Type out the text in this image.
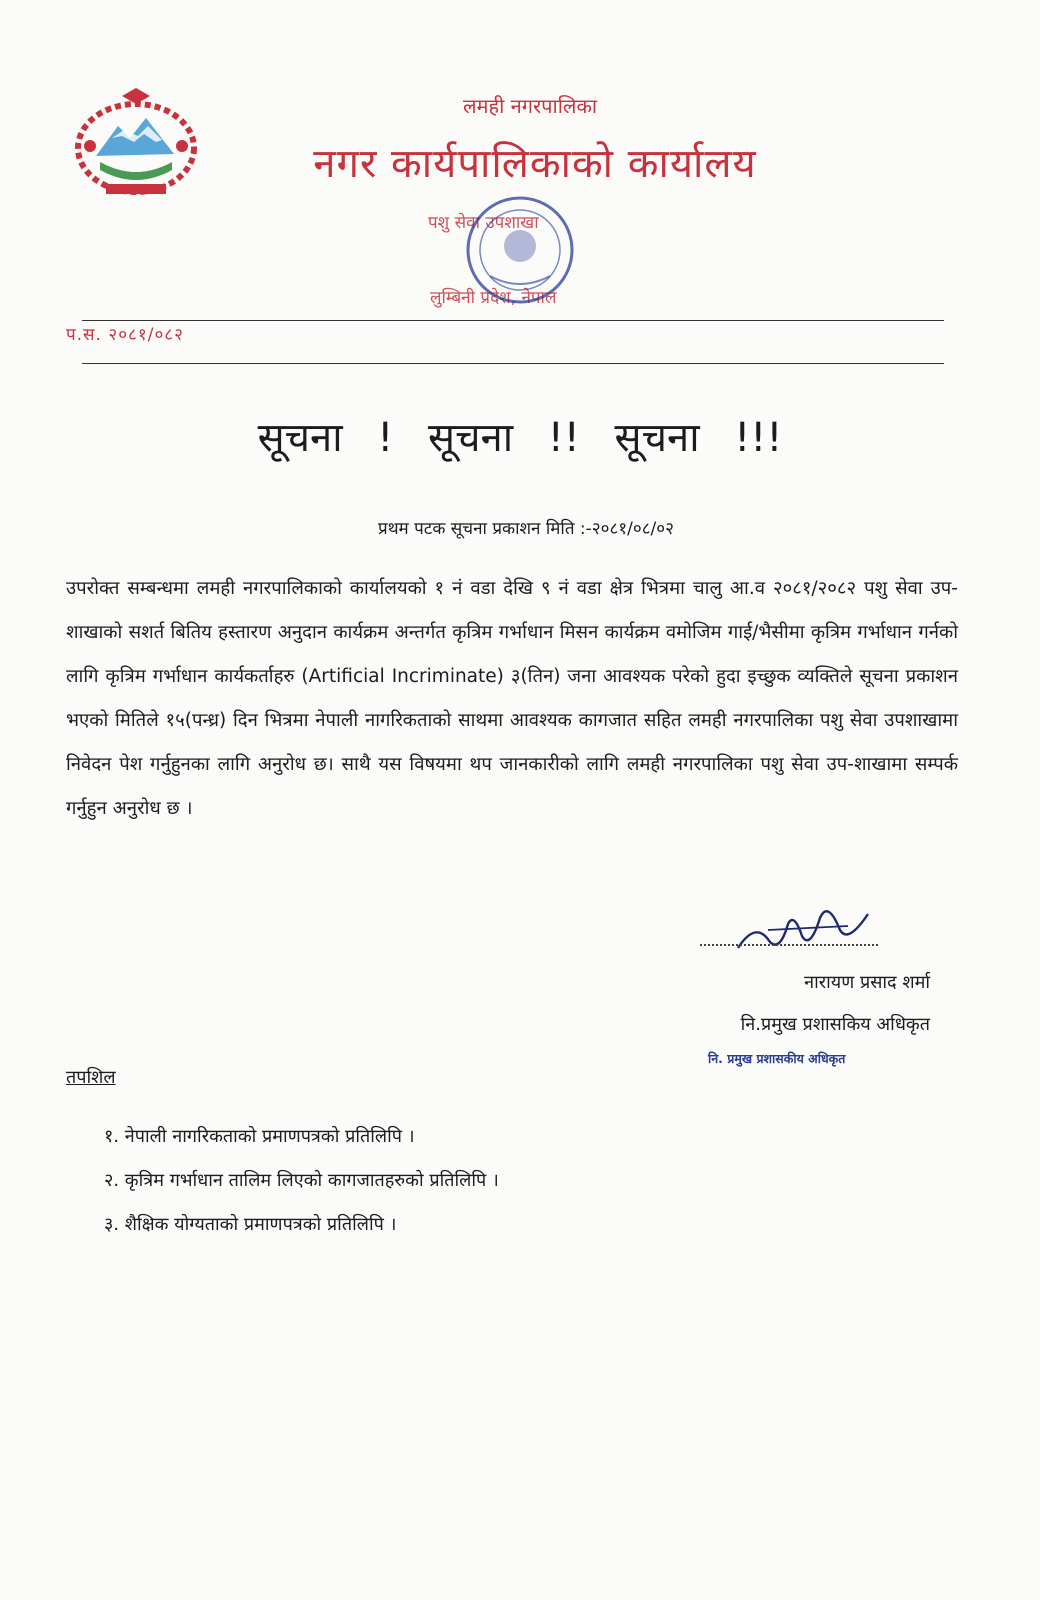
लमही नगरपालिका
नगर कार्यपालिकाको कार्यालय
पशु सेवा उपशाखा
लुम्बिनी प्रदेश, नेपाल
प.स. २०८१/०८२
सूचना ! सूचना !! सूचना !!!
प्रथम पटक सूचना प्रकाशन मिति :-२०८१/०८/०२
उपरोक्त सम्बन्धमा लमही नगरपालिकाको कार्यालयको १ नं वडा देखि ९ नं वडा क्षेत्र भित्रमा चालु आ.व २०८१/२०८२ पशु सेवा उप-शाखाको सशर्त बितिय हस्तारण अनुदान कार्यक्रम अन्तर्गत कृत्रिम गर्भाधान मिसन कार्यक्रम वमोजिम गाई/भैसीमा कृत्रिम गर्भाधान गर्नको लागि कृत्रिम गर्भाधान कार्यकर्ताहरु (Artificial Incriminate) ३(तिन) जना आवश्यक परेको हुदा इच्छुक व्यक्तिले सूचना प्रकाशन भएको मितिले १५(पन्ध्र) दिन भित्रमा नेपाली नागरिकताको साथमा आवश्यक कागजात सहित लमही नगरपालिका पशु सेवा उपशाखामा निवेदन पेश गर्नुहुनका लागि अनुरोध छ। साथै यस विषयमा थप जानकारीको लागि लमही नगरपालिका पशु सेवा उप-शाखामा सम्पर्क गर्नुहुन अनुरोध छ ।
नारायण प्रसाद शर्मा
नि.प्रमुख प्रशासकिय अधिकृत
नि. प्रमुख प्रशासकीय अधिकृत
तपशिल
१. नेपाली नागरिकताको प्रमाणपत्रको प्रतिलिपि ।
२. कृत्रिम गर्भाधान तालिम लिएको कागजातहरुको प्रतिलिपि ।
३. शैक्षिक योग्यताको प्रमाणपत्रको प्रतिलिपि ।
